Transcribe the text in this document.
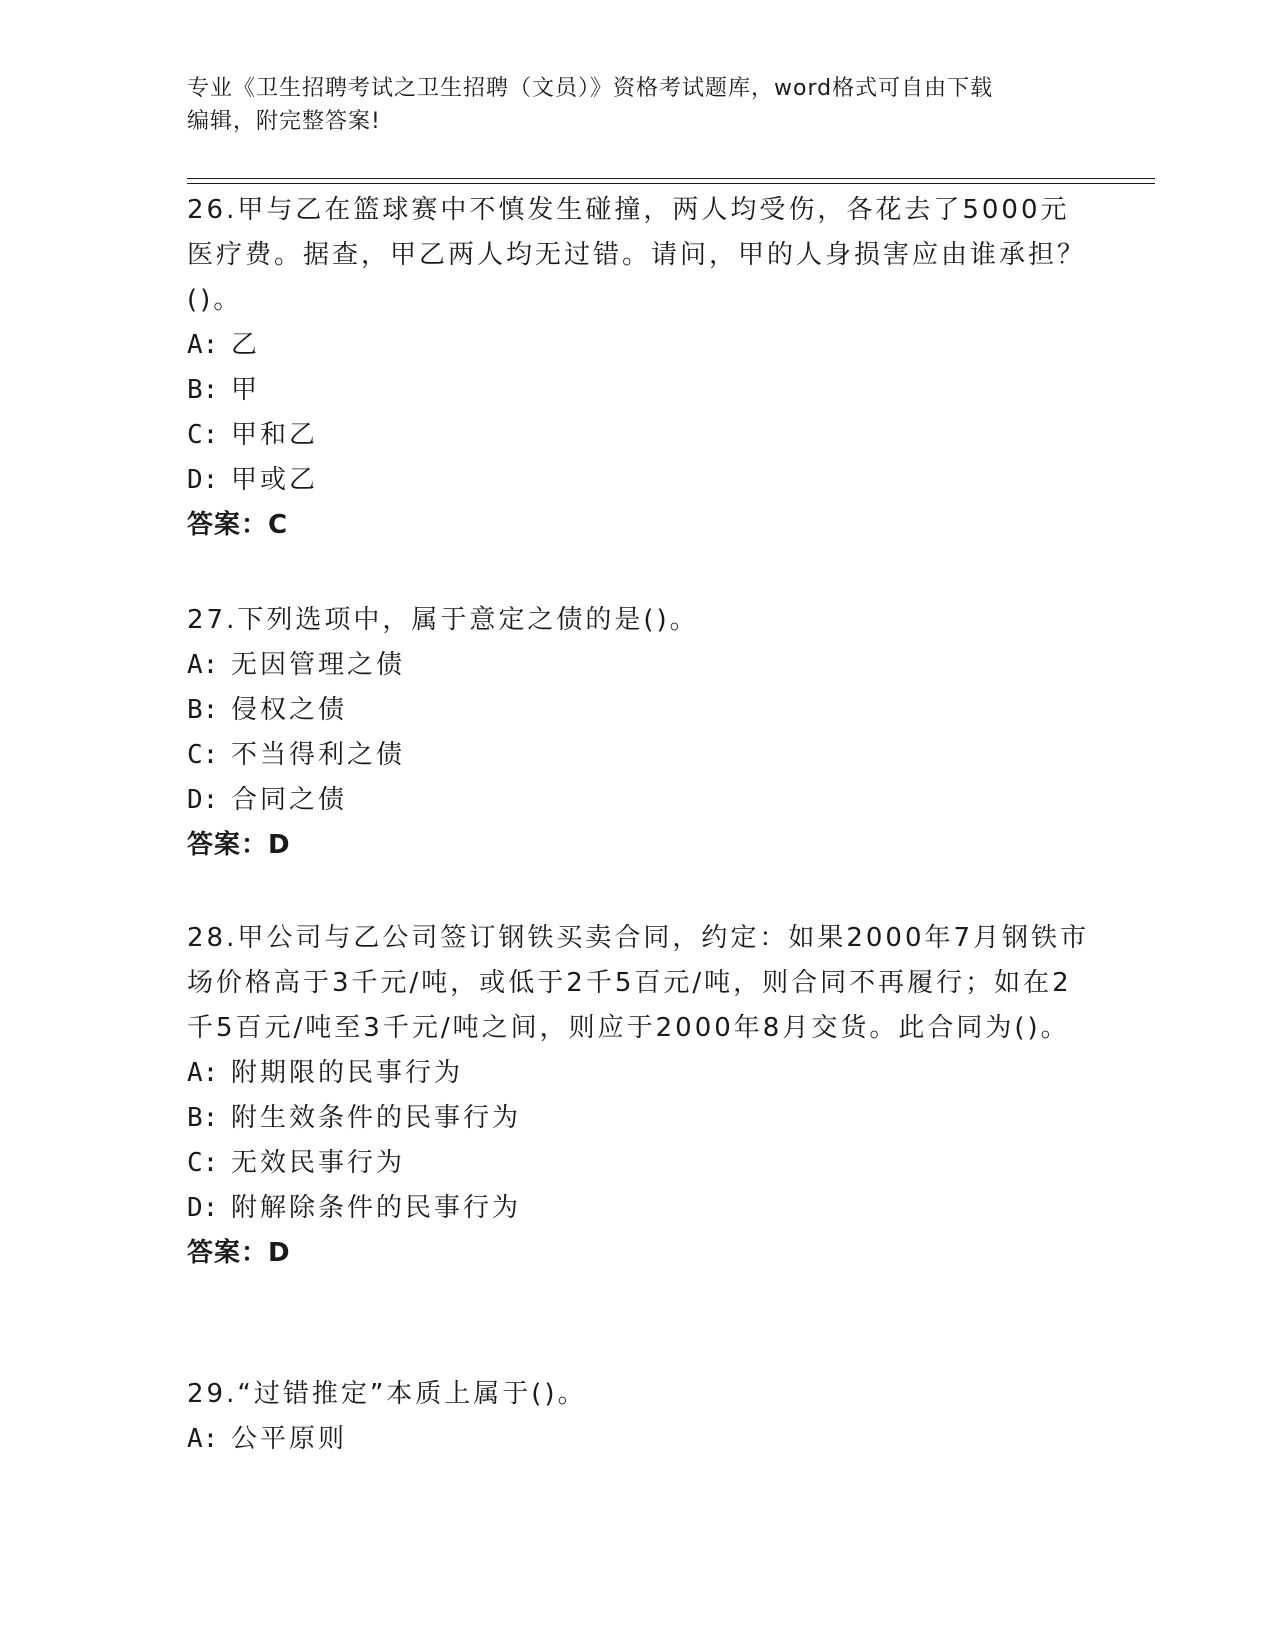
专业《卫生招聘考试之卫生招聘（文员）》资格考试题库，word格式可自由下载
编辑，附完整答案!
26.甲与乙在篮球赛中不慎发生碰撞，两人均受伤，各花去了5000元医疗费。据查，甲乙两人均无过错。请问，甲的人身损害应由谁承担？()。
A: 乙
B: 甲
C: 甲和乙
D: 甲或乙
答案：C
27.下列选项中，属于意定之债的是()。
A: 无因管理之债
B: 侵权之债
C: 不当得利之债
D: 合同之债
答案：D
28.甲公司与乙公司签订钢铁买卖合同，约定：如果2000年7月钢铁市场价格高于3千元/吨，或低于2千5百元/吨，则合同不再履行；如在2千5百元/吨至3千元/吨之间，则应于2000年8月交货。此合同为()。
A: 附期限的民事行为
B: 附生效条件的民事行为
C: 无效民事行为
D: 附解除条件的民事行为
答案：D
29.“过错推定”本质上属于()。
A: 公平原则
